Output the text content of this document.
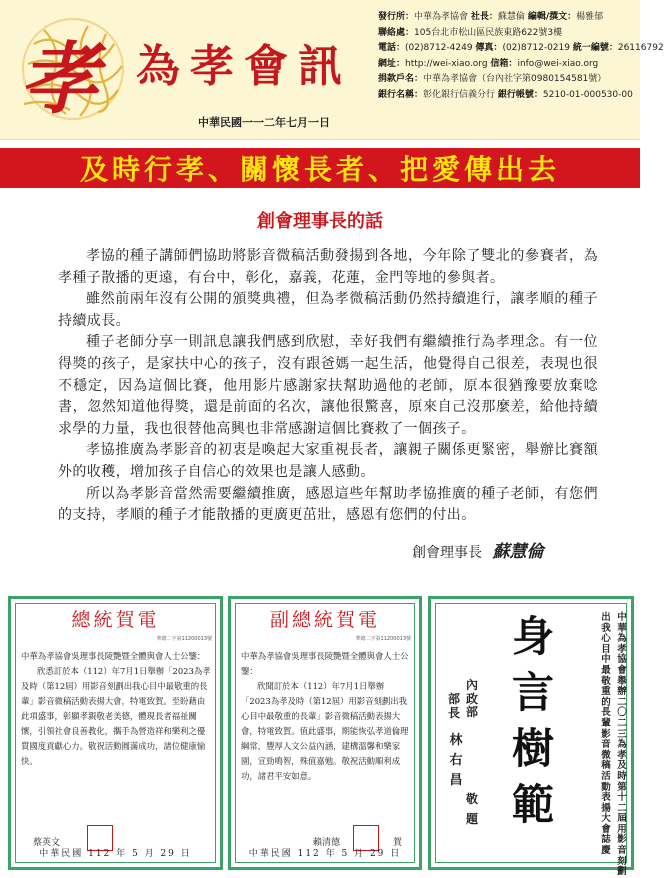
孝 為孝會訊
中華民國一一二年七月一日
發行所：中華為孝協會 社長：蘇慧倫 編輯/撰文：楊雅郁
聯絡處：105台北市松山區民族東路622號3樓
電話：(02)8712-4249 傳真：(02)8712-0219 統一編號：26116792
網址：http://wei-xiao.org 信箱：info@wei-xiao.org
捐款戶名：中華為孝協會（台內社字第0980154581號）
銀行名稱：彰化銀行信義分行 銀行帳號：5210-01-000530-00
及時行孝、關懷長者、把愛傳出去
創會理事長的話

孝協的種子講師們協助將影音微稿活動發揚到各地，今年除了雙北的參賽者，為孝種子散播的更遠，有台中，彰化，嘉義，花蓮，金門等地的參與者。

雖然前兩年沒有公開的頒獎典禮，但為孝微稿活動仍然持續進行，讓孝順的種子持續成長。

種子老師分享一則訊息讓我們感到欣慰，幸好我們有繼續推行為孝理念。有一位得獎的孩子，是家扶中心的孩子，沒有跟爸媽一起生活，他覺得自己很差，表現也很不穩定，因為這個比賽，他用影片感謝家扶幫助過他的老師，原本很猶豫要放棄唸書，忽然知道他得獎，還是前面的名次，讓他很驚喜，原來自己沒那麼差，給他持續求學的力量，我也很替他高興也非常感謝這個比賽救了一個孩子。

孝協推廣為孝影音的初衷是喚起大家重視長者，讓親子關係更緊密，舉辦比賽額外的收穫，增加孩子自信心的效果也是讓人感動。

所以為孝影音當然需要繼續推廣，感恩這些年幫助孝協推廣的種子老師，有您們的支持，孝順的種子才能散播的更廣更茁壯，感恩有您們的付出。

創會理事長 蘇慧倫
總統賀電
華總二字第11200013號
中華為孝協會吳理事長陵艷暨全體與會人士公鑒：
欣悉訂於本（112）年7月1日舉辦「2023為孝及時（第12屆）用影音刻劃出我心目中最敬重的長輩」影音微稿活動表揚大會，特電致賀。至盼藉由此項盛事，彰顯孝親敬老美德，體現長者福祉關懷，引領社會良善教化，攜手為營造祥和樂利之優質國度貢獻心力。敬祝活動圓滿成功，諸位健康愉快。
蔡英文
中華民國 112 年 5 月 29 日
副總統賀電
華總二字第11200013號
中華為孝協會吳理事長陵艷暨全體與會人士公鑒：
欣聞訂於本（112）年7月1日舉辦「2023為孝及時（第12屆）用影音刻劃出我心目中最敬重的長輩」影音微稿活動表揚大會，特電致賀。值此盛事，期能恢弘孝道倫理綱常，豐厚人文公益內涵，建構溫馨和樂家園，宣勁鳴智，殊值嘉勉。敬祝活動順利成功，諸君平安如意。
賴清德	賀
中華民國 112 年 5 月 29 日
身
言
樹
範
中華為孝協會舉辦二〇二三為孝及時第十二屆用影音刻劃
出我心目中最敬重的長輩影音微稿活動表揚大會誌慶
內政部
部長
林右昌
敬題
